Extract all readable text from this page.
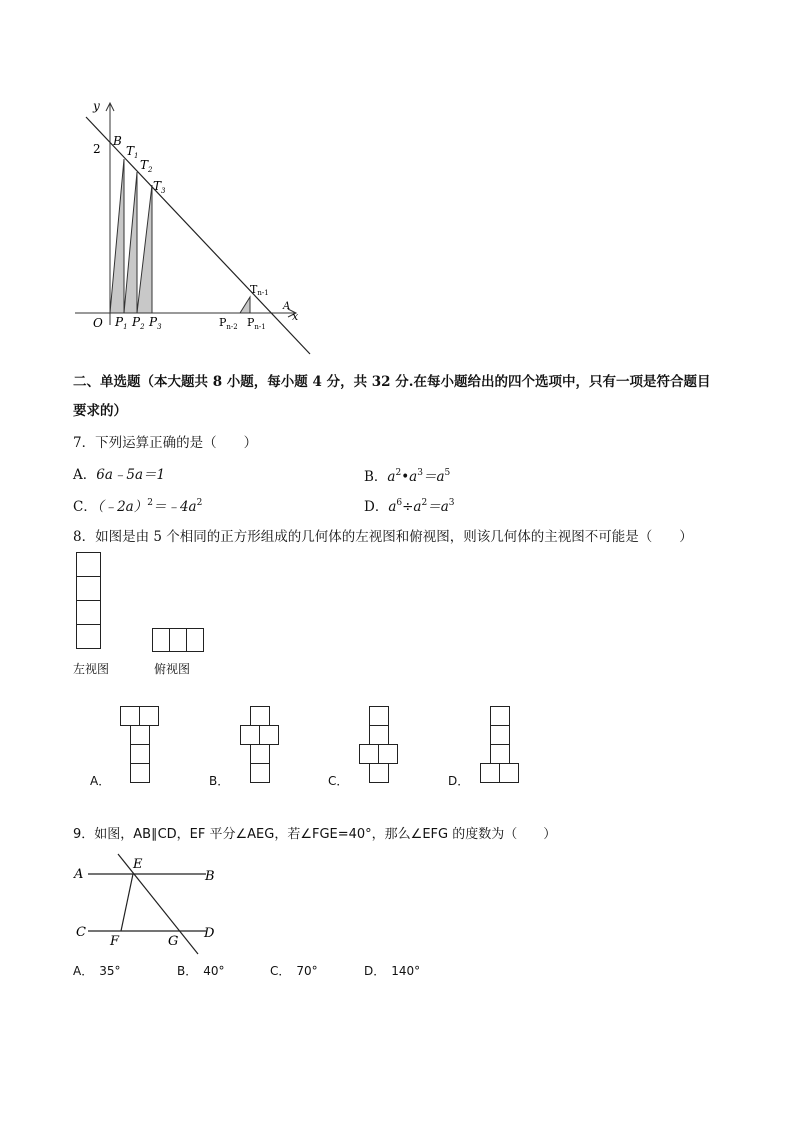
y
x
2
O
B
A
$T_1$
$T_2$
$T_3$
Tn-1
$P_1$ $P_2$ $P_3$	$P_{n-2}$ $P_{n-1}$
二、单选题（本大题共 8 小题，每小题 4 分，共 32 分.在每小题给出的四个选项中，只有一项是符合题目
要求的）
7．下列运算正确的是（　　）
A．6a﹣5a＝1	B．$a^2•a^3=a^5$
C．$(﹣2a)^2=﹣4a^2$	D．$a^6\div a^2=a^3$
8．如图是由 5 个相同的正方形组成的几何体的左视图和俯视图，则该几何体的主视图不可能是（　　）
左视图	俯视图
A．	B．	C．	D．
9．如图，AB∥CD，EF 平分∠AEG，若∠FGE=40°，那么∠EFG 的度数为（　　）
A	B
C	D
E
F	G
A．　35°	B．　40°	C．　70°	D．　140°
